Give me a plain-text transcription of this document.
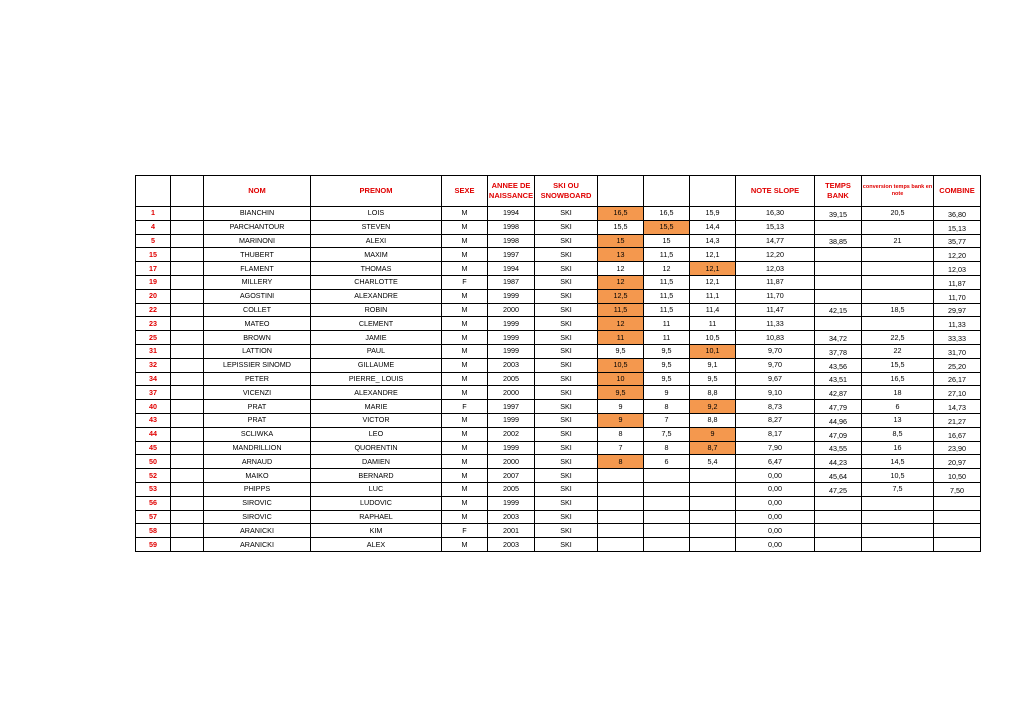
		NOM	PRENOM	SEXE	ANNEE DE NAISSANCE	SKI OU SNOWBOARD				NOTE SLOPE	TEMPS BANK	conversion temps bank en note	COMBINE
1		BIANCHIN	LOIS	M	1994	SKI	16,5	16,5	15,9	16,30	39,15	20,5	36,80
4		PARCHANTOUR	STEVEN	M	1998	SKI	15,5	15,5	14,4	15,13			15,13
5		MARINONI	ALEXI	M	1998	SKI	15	15	14,3	14,77	38,85	21	35,77
15		THUBERT	MAXIM	M	1997	SKI	13	11,5	12,1	12,20			12,20
17		FLAMENT	THOMAS	M	1994	SKI	12	12	12,1	12,03			12,03
19		MILLERY	CHARLOTTE	F	1987	SKI	12	11,5	12,1	11,87			11,87
20		AGOSTINI	ALEXANDRE	M	1999	SKI	12,5	11,5	11,1	11,70			11,70
22		COLLET	ROBIN	M	2000	SKI	11,5	11,5	11,4	11,47	42,15	18,5	29,97
23		MATEO	CLEMENT	M	1999	SKI	12	11	11	11,33			11,33
25		BROWN	JAMIE	M	1999	SKI	11	11	10,5	10,83	34,72	22,5	33,33
31		LATTION	PAUL	M	1999	SKI	9,5	9,5	10,1	9,70	37,78	22	31,70
32		LEPISSIER SINOMD	GILLAUME	M	2003	SKI	10,5	9,5	9,1	9,70	43,56	15,5	25,20
34		PETER	PIERRE_ LOUIS	M	2005	SKI	10	9,5	9,5	9,67	43,51	16,5	26,17
37		VICENZI	ALEXANDRE	M	2000	SKI	9,5	9	8,8	9,10	42,87	18	27,10
40		PRAT	MARIE	F	1997	SKI	9	8	9,2	8,73	47,79	6	14,73
43		PRAT	VICTOR	M	1999	SKI	9	7	8,8	8,27	44,96	13	21,27
44		SCLIWKA	LEO	M	2002	SKI	8	7,5	9	8,17	47,09	8,5	16,67
45		MANDRILLION	QUORENTIN	M	1999	SKI	7	8	8,7	7,90	43,55	16	23,90
50		ARNAUD	DAMIEN	M	2000	SKI	8	6	5,4	6,47	44,23	14,5	20,97
52		MAIKO	BERNARD	M	2007	SKI				0,00	45,64	10,5	10,50
53		PHIPPS	LUC	M	2005	SKI				0,00	47,25	7,5	7,50
56		SIROVIC	LUDOVIC	M	1999	SKI				0,00			
57		SIROVIC	RAPHAEL	M	2003	SKI				0,00			
58		ARANICKI	KIM	F	2001	SKI				0,00			
59		ARANICKI	ALEX	M	2003	SKI				0,00			
